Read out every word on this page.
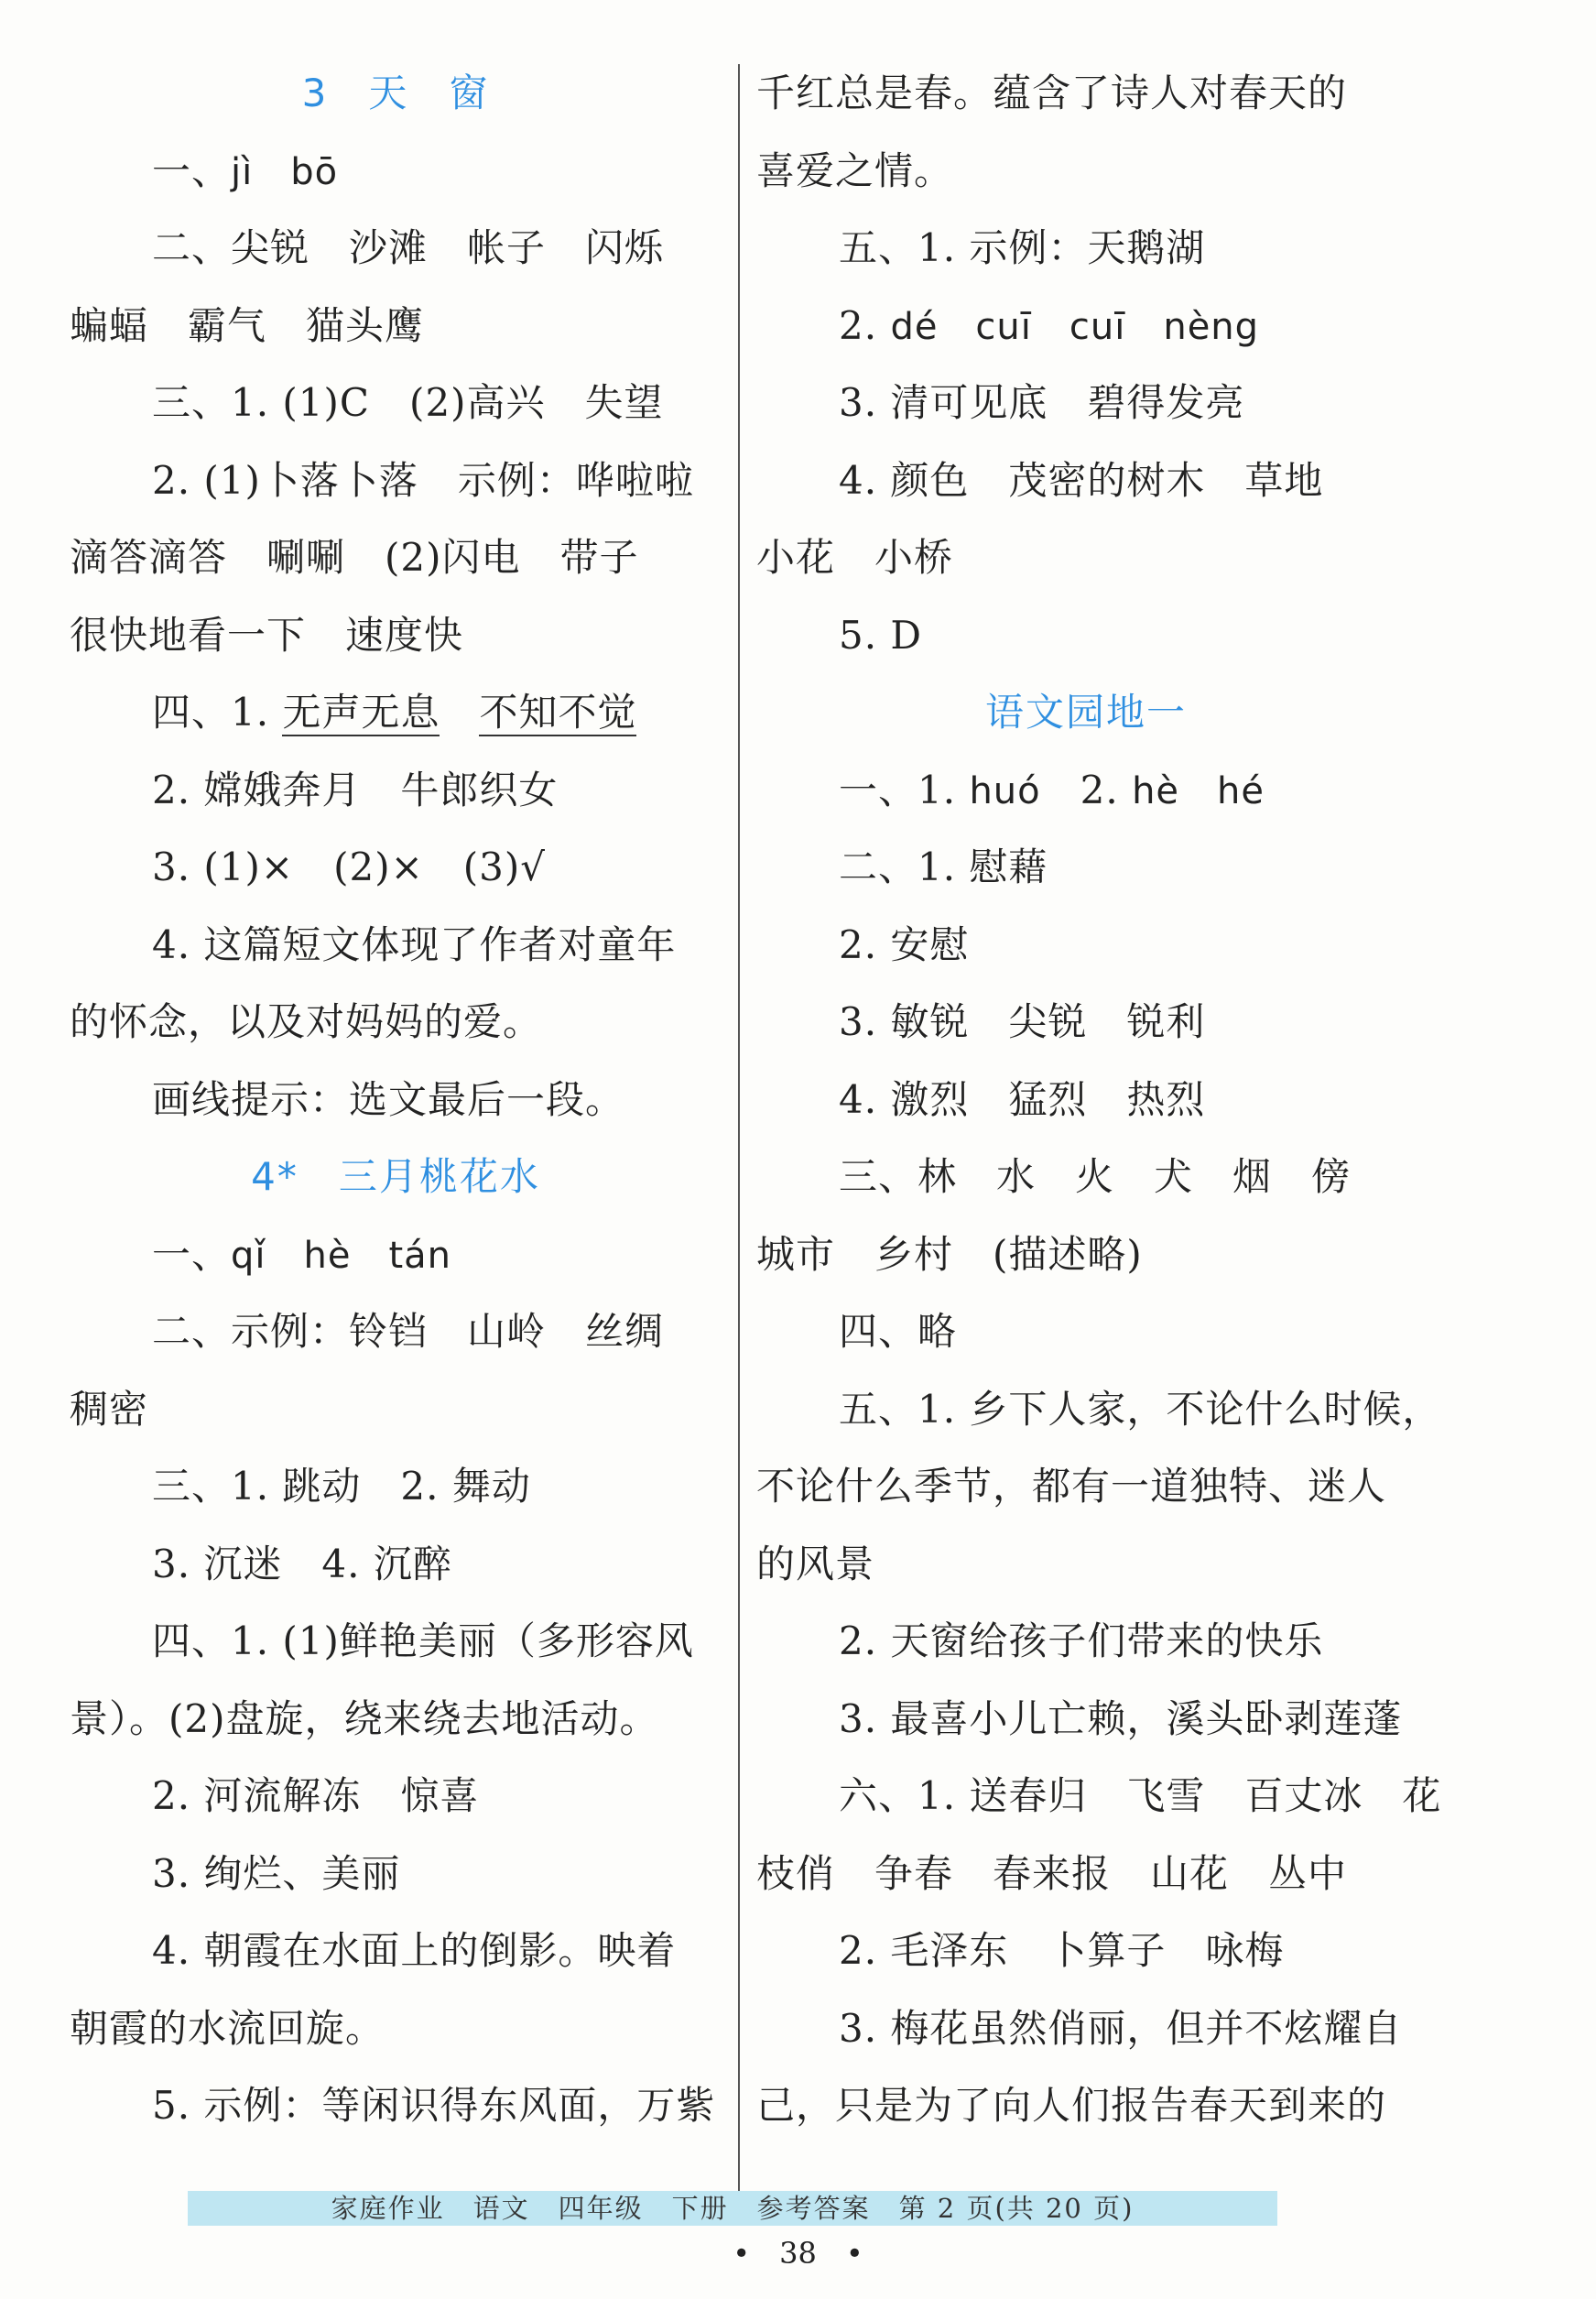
3　天　窗
一、jì　bō
二、尖锐　沙滩　帐子　闪烁
蝙蝠　霸气　猫头鹰
三、1. (1)C　(2)高兴　失望
2. (1)卜落卜落　示例：哗啦啦
滴答滴答　唰唰　(2)闪电　带子
很快地看一下　速度快
四、1. 无声无息　 不知不觉
2. 嫦娥奔月　牛郎织女
3. (1)×　(2)×　(3)√
4. 这篇短文体现了作者对童年
的怀念，以及对妈妈的爱。
画线提示：选文最后一段。
4*　三月桃花水
一、qǐ　hè　tán
二、示例：铃铛　山岭　丝绸
稠密
三、1. 跳动　2. 舞动
3. 沉迷　4. 沉醉
四、1. (1)鲜艳美丽（多形容风
景）。(2)盘旋，绕来绕去地活动。
2. 河流解冻　惊喜
3. 绚烂、美丽
4. 朝霞在水面上的倒影。映着
朝霞的水流回旋。
5. 示例：等闲识得东风面，万紫
千红总是春。蕴含了诗人对春天的
喜爱之情。
五、1. 示例：天鹅湖
2. dé　cuī　cuī　nèng
3. 清可见底　碧得发亮
4. 颜色　茂密的树木　草地
小花　小桥
5. D
语文园地一
一、1. huó　2. hè　hé
二、1. 慰藉
2. 安慰
3. 敏锐　尖锐　锐利
4. 激烈　猛烈　热烈
三、林　水　火　犬　烟　傍
城市　乡村　(描述略)
四、略
五、1. 乡下人家，不论什么时候，
不论什么季节，都有一道独特、迷人
的风景
2. 天窗给孩子们带来的快乐
3. 最喜小儿亡赖，溪头卧剥莲蓬
六、1. 送春归　飞雪　百丈冰　花
枝俏　争春　春来报　山花　丛中
2. 毛泽东　卜算子　咏梅
3. 梅花虽然俏丽，但并不炫耀自
己，只是为了向人们报告春天到来的
家庭作业　语文　四年级　下册　参考答案　第 2 页(共 20 页)
•　38　•
